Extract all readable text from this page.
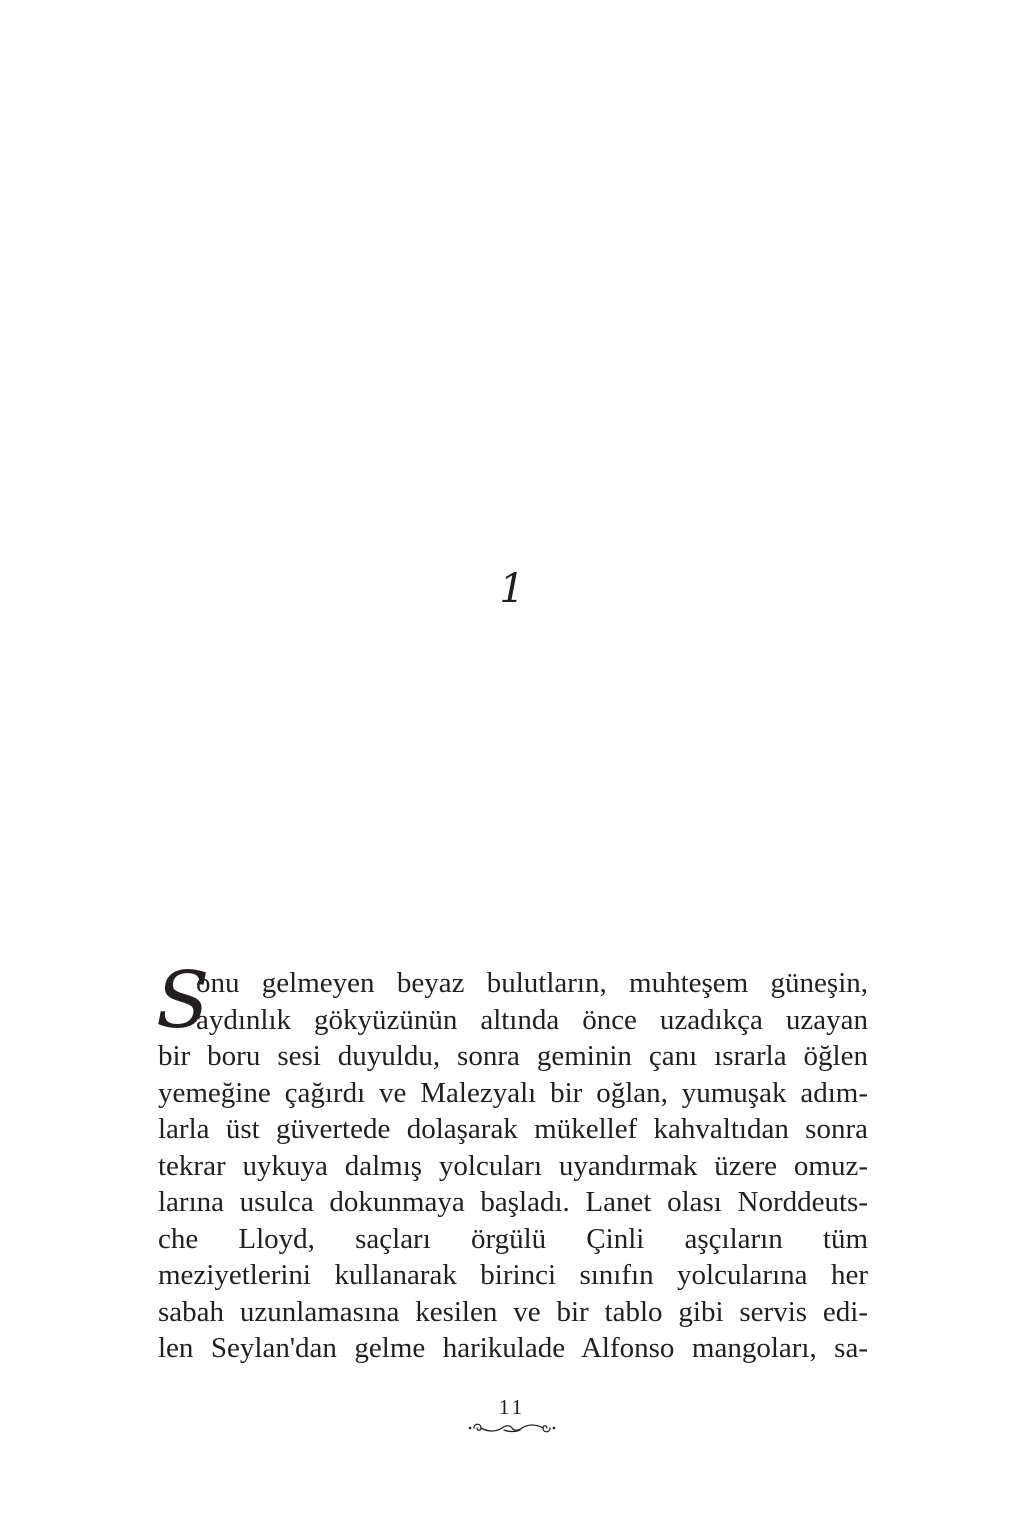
1
S
onu gelmeyen beyaz bulutların, muhteşem güneşin,
aydınlık gökyüzünün altında önce uzadıkça uzayan
bir boru sesi duyuldu, sonra geminin çanı ısrarla öğlen
yemeğine çağırdı ve Malezyalı bir oğlan, yumuşak adım-
larla üst güvertede dolaşarak mükellef kahvaltıdan sonra
tekrar uykuya dalmış yolcuları uyandırmak üzere omuz-
larına usulca dokunmaya başladı. Lanet olası Norddeuts-
che Lloyd, saçları örgülü Çinli aşçıların tüm
meziyetlerini kullanarak birinci sınıfın yolcularına her
sabah uzunlamasına kesilen ve bir tablo gibi servis edi-
len Seylan'dan gelme harikulade Alfonso mangoları, sa-
11
